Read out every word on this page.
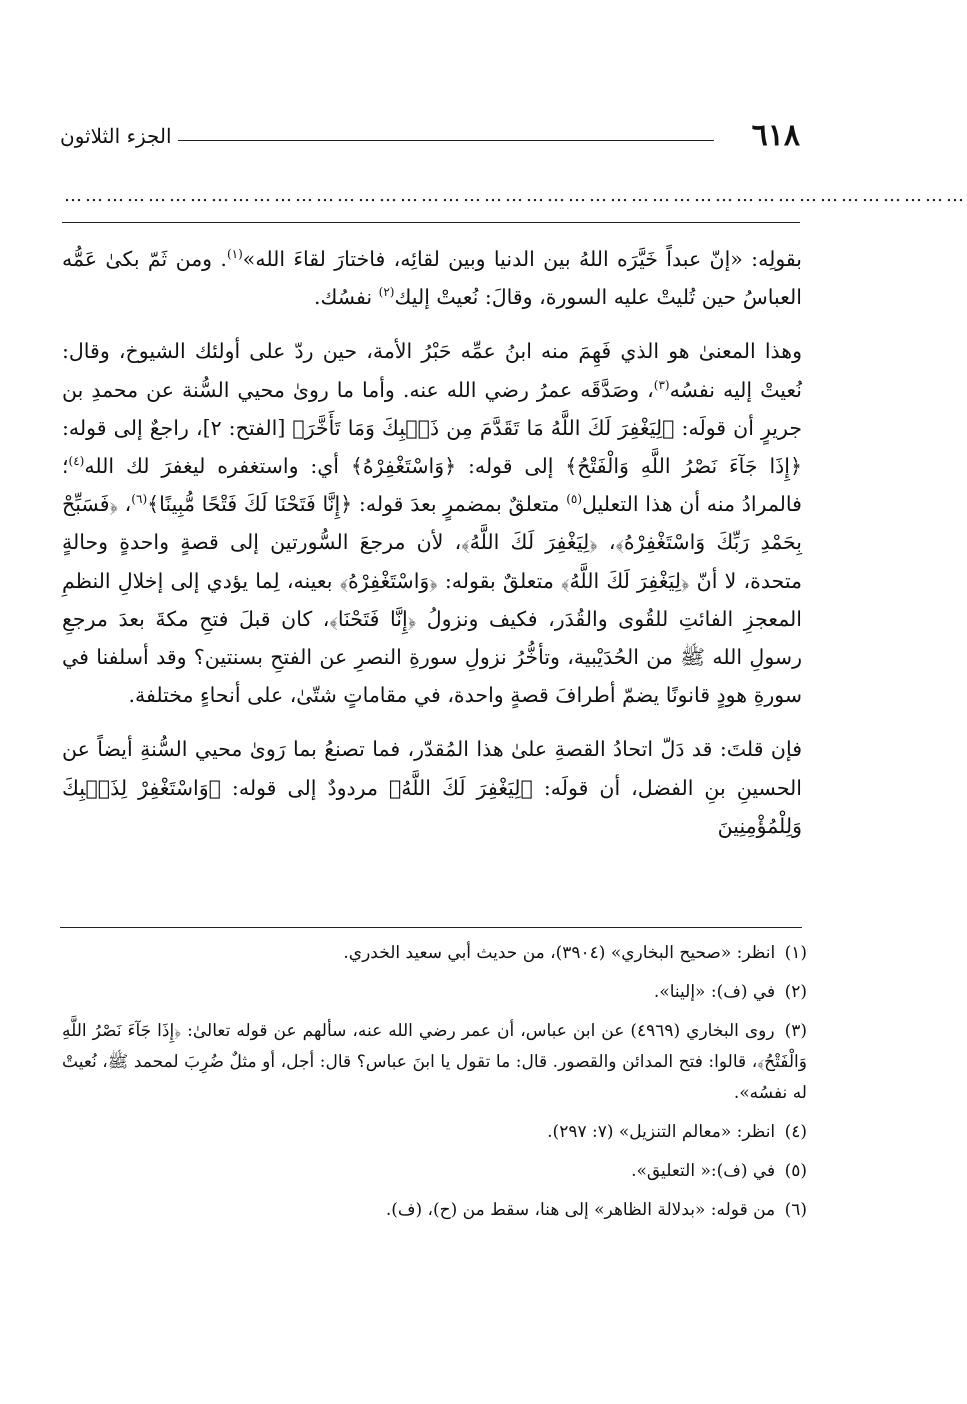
الجزء الثلاثون	٦١٨
…………………………………………………………………………………………………………………

بقولِه: «إنّ عبداً خَيَّرَه اللهُ بين الدنيا وبين لقائِه، فاختارَ لقاءَ الله»$^{(١)}$. ومن ثَمّ بكىٰ عَمُّه العباسُ حين تُليتْ عليه السورة، وقالَ: نُعيتْ إليك$^{(٢)}$ نفسُك.

وهذا المعنىٰ هو الذي فَهِمَ منه ابنُ عمِّه حَبْرُ الأمة، حين ردّ على أولئك الشيوخ، وقال: نُعيتْ إليه نفسُه$^{(٣)}$، وصَدَّقَه عمرُ رضي الله عنه. وأما ما روىٰ محيي السُّنة عن محمدِ بن جريرٍ أن قولَه: ﴿لِيَغْفِرَ لَكَ اللَّهُ مَا تَقَدَّمَ مِن ذَنۢبِكَ وَمَا تَأَخَّرَ﴾ [الفتح: ٢]، راجعٌ إلى قوله: ﴿إِذَا جَآءَ نَصْرُ اللَّهِ وَالْفَتْحُ﴾ إلى قوله: ﴿وَاسْتَغْفِرْهُ﴾ أي: واستغفره ليغفرَ لك الله$^{(٤)}$؛ فالمرادُ منه أن هذا التعليل$^{(٥)}$ متعلقٌ بمضمرٍ بعدَ قوله: ﴿إِنَّا فَتَحْنَا لَكَ فَتْحًا مُّبِينًا﴾$^{(٦)}$، ﴿فَسَبِّحْ بِحَمْدِ رَبِّكَ وَاسْتَغْفِرْهُ﴾، ﴿لِيَغْفِرَ لَكَ اللَّهُ﴾، لأن مرجعَ السُّورتين إلى قصةٍ واحدةٍ وحالةٍ متحدة، لا أنّ ﴿لِيَغْفِرَ لَكَ اللَّهُ﴾ متعلقٌ بقوله: ﴿وَاسْتَغْفِرْهُ﴾ بعينه، لِما يؤدي إلى إخلالِ النظمِ المعجزِ الفائتِ للقُوى والقُدَر، فكيف ونزولُ ﴿إِنَّا فَتَحْنَا﴾، كان قبلَ فتحِ مكةَ بعدَ مرجعِ رسولِ الله ﷺ من الحُدَيْبية، وتأخُّرُ نزولِ سورةِ النصرِ عن الفتحِ بسنتين؟ وقد أسلفنا في سورةِ هودٍ قانونًا يضمّ أطرافَ قصةٍ واحدة، في مقاماتٍ شتّىٰ، على أنحاءٍ مختلفة.

فإن قلتَ: قد دَلّ اتحادُ القصةِ علىٰ هذا المُقدّر، فما تصنعُ بما رَوىٰ محيي السُّنةِ أيضاً عن الحسينِ بنِ الفضل، أن قولَه: ﴿لِيَغْفِرَ لَكَ اللَّهُ﴾ مردودٌ إلى قوله: ﴿وَاسْتَغْفِرْ لِذَنۢبِكَ وَلِلْمُؤْمِنِينَ

(١) انظر: «صحيح البخاري» (٣٩٠٤)، من حديث أبي سعيد الخدري.

(٢) في (ف): «إلينا».

(٣) روى البخاري (٤٩٦٩) عن ابن عباس، أن عمر رضي الله عنه، سألهم عن قوله تعالىٰ: ﴿إِذَا جَآءَ نَصْرُ اللَّهِ وَالْفَتْحُ﴾، قالوا: فتح المدائن والقصور. قال: ما تقول يا ابنَ عباس؟ قال: أجل، أو مثلٌ ضُرِبَ لمحمد ﷺ، نُعيتْ له نفسُه».

(٤) انظر: «معالم التنزيل» (٧: ٢٩٧).

(٥) في (ف):« التعليق».

(٦) من قوله: «بدلالة الظاهر» إلى هنا، سقط من (ح)، (ف).
